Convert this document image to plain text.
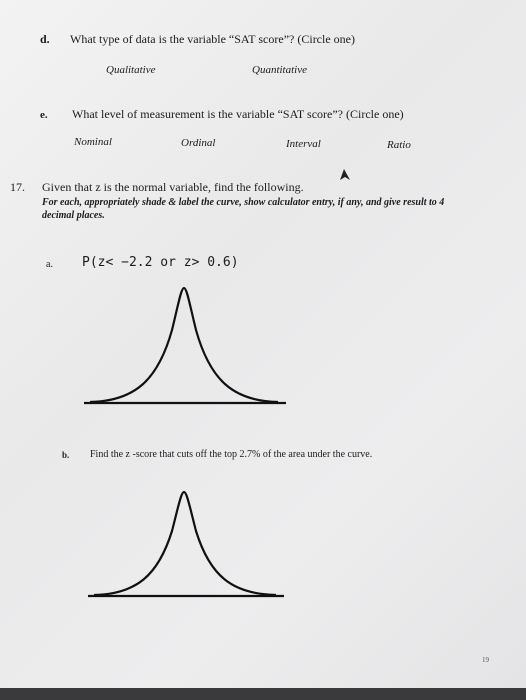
d. What type of data is the variable “SAT score”? (Circle one)
Qualitative	Quantitative
e. What level of measurement is the variable “SAT score”? (Circle one)
Nominal	Ordinal	Interval	Ratio
17. Given that z is the normal variable, find the following.
For each, appropriately shade & label the curve, show calculator entry, if any, and give result to 4
decimal places.
a. P(z< −2.2 or z> 0.6)
b. Find the z -score that cuts off the top 2.7% of the area under the curve.
19
